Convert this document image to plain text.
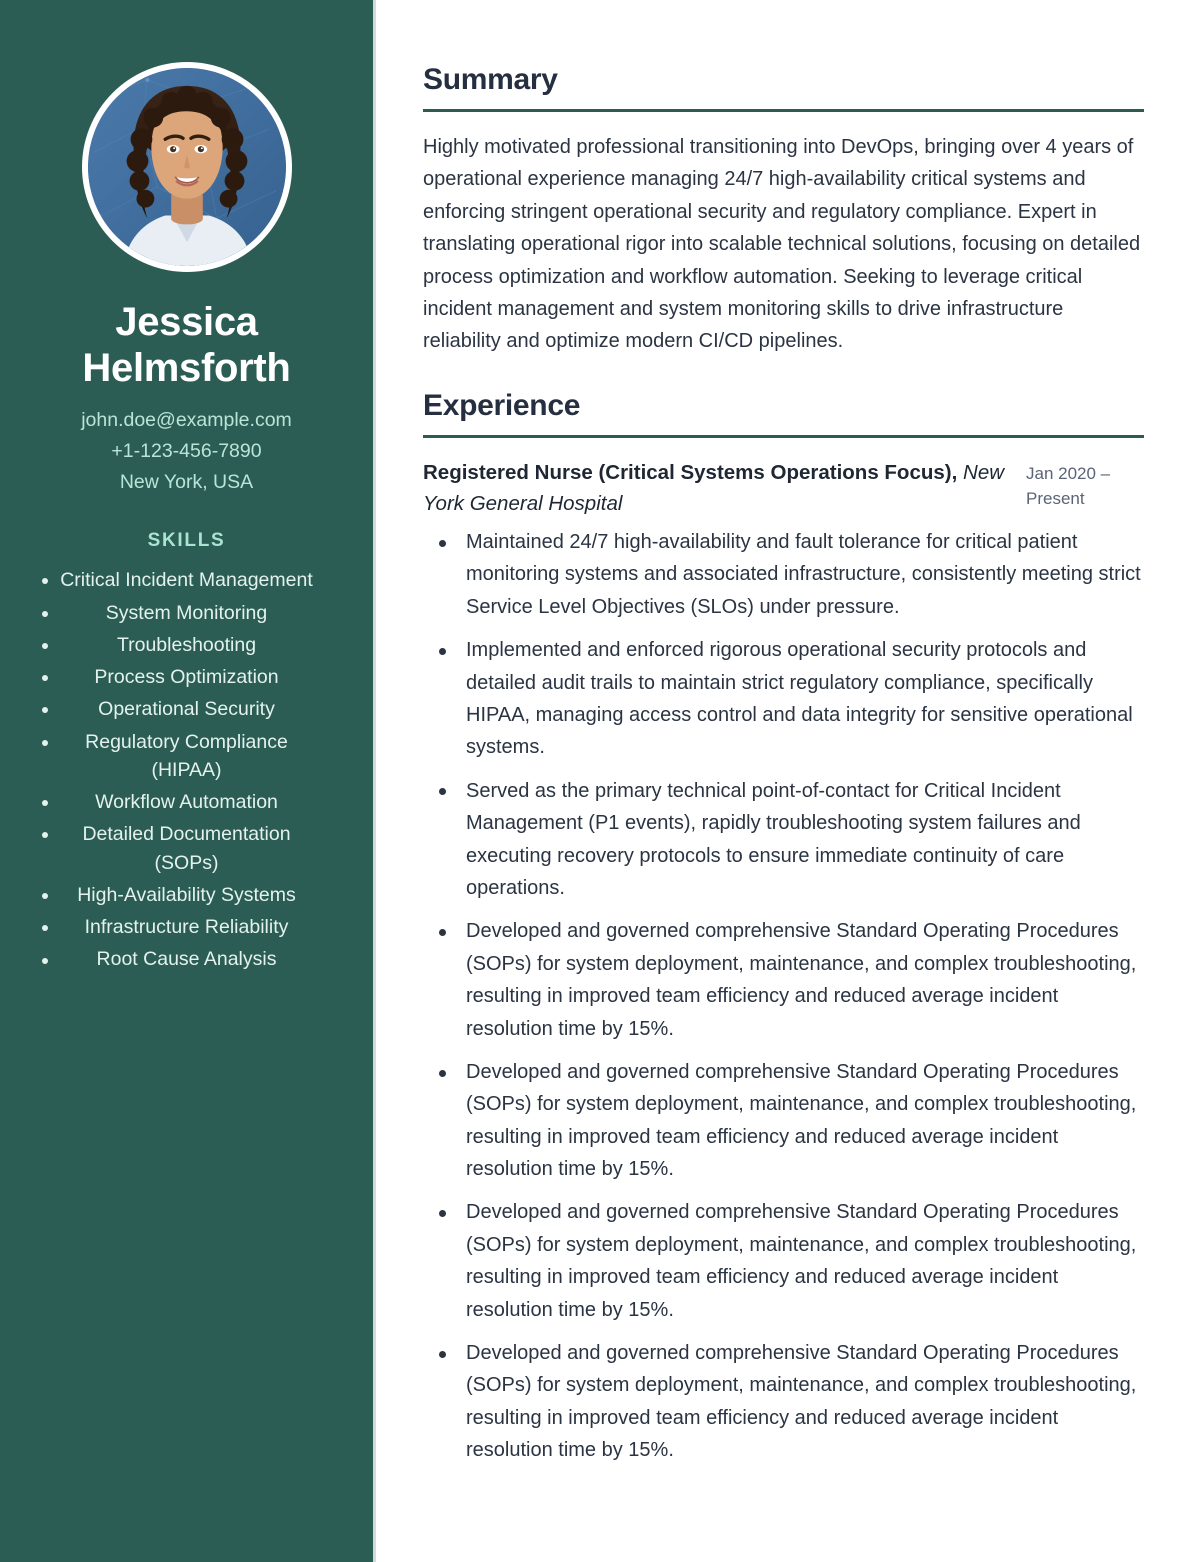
Jessica Helmsforth
john.doe@example.com
+1-123-456-7890
New York, USA
SKILLS
Critical Incident Management
System Monitoring
Troubleshooting
Process Optimization
Operational Security
Regulatory Compliance (HIPAA)
Workflow Automation
Detailed Documentation (SOPs)
High-Availability Systems
Infrastructure Reliability
Root Cause Analysis
Summary

Highly motivated professional transitioning into DevOps, bringing over 4 years of operational experience managing 24/7 high-availability critical systems and enforcing stringent operational security and regulatory compliance. Expert in translating operational rigor into scalable technical solutions, focusing on detailed process optimization and workflow automation. Seeking to leverage critical incident management and system monitoring skills to drive infrastructure reliability and optimize modern CI/CD pipelines.

Experience
Registered Nurse (Critical Systems Operations Focus), New York General Hospital
Jan 2020 – Present
Maintained 24/7 high-availability and fault tolerance for critical patient monitoring systems and associated infrastructure, consistently meeting strict Service Level Objectives (SLOs) under pressure.
Implemented and enforced rigorous operational security protocols and detailed audit trails to maintain strict regulatory compliance, specifically HIPAA, managing access control and data integrity for sensitive operational systems.
Served as the primary technical point-of-contact for Critical Incident Management (P1 events), rapidly troubleshooting system failures and executing recovery protocols to ensure immediate continuity of care operations.
Developed and governed comprehensive Standard Operating Procedures (SOPs) for system deployment, maintenance, and complex troubleshooting, resulting in improved team efficiency and reduced average incident resolution time by 15%.
Developed and governed comprehensive Standard Operating Procedures (SOPs) for system deployment, maintenance, and complex troubleshooting, resulting in improved team efficiency and reduced average incident resolution time by 15%.
Developed and governed comprehensive Standard Operating Procedures (SOPs) for system deployment, maintenance, and complex troubleshooting, resulting in improved team efficiency and reduced average incident resolution time by 15%.
Developed and governed comprehensive Standard Operating Procedures (SOPs) for system deployment, maintenance, and complex troubleshooting, resulting in improved team efficiency and reduced average incident resolution time by 15%.
